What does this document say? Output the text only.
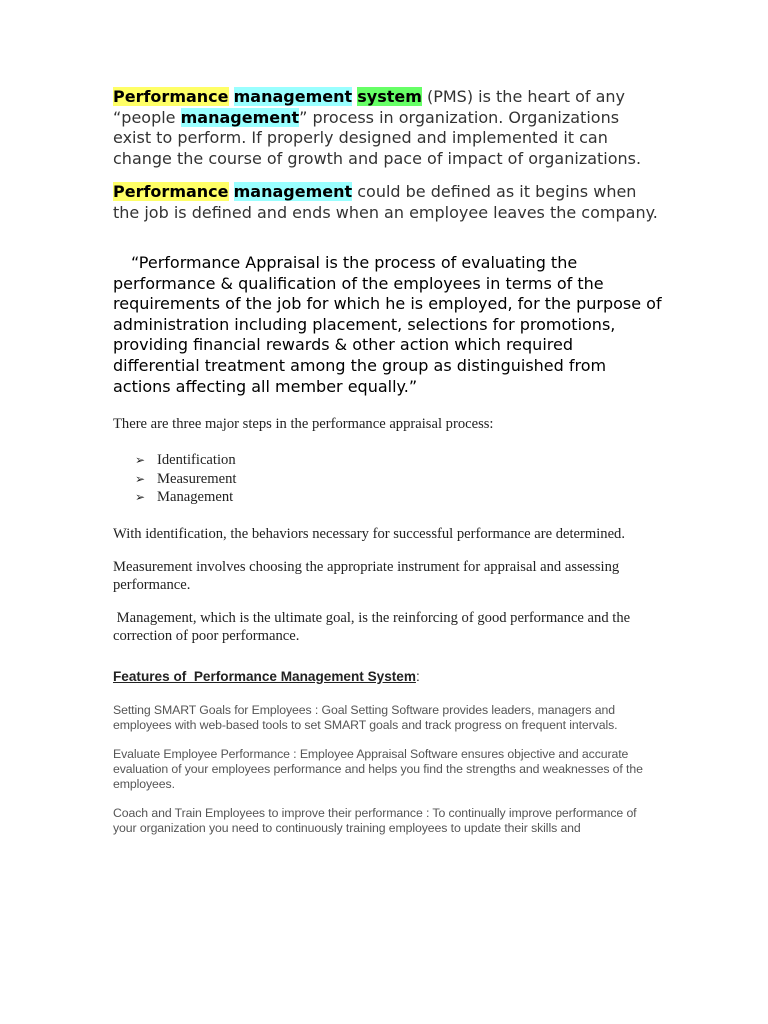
Performance management system (PMS) is the heart of any “people management” process in organization. Organizations exist to perform. If properly designed and implemented it can change the course of growth and pace of impact of organizations.

Performance management could be defined as it begins when the job is defined and ends when an employee leaves the company.

“Performance Appraisal is the process of evaluating the performance & qualification of the employees in terms of the requirements of the job for which he is employed, for the purpose of administration including placement, selections for promotions, providing financial rewards & other action which required differential treatment among the group as distinguished from actions affecting all member equally.”

There are three major steps in the performance appraisal process:

➢ Identification
➢ Measurement
➢ Management

With identification, the behaviors necessary for successful performance are determined.

Measurement involves choosing the appropriate instrument for appraisal and assessing performance.

Management, which is the ultimate goal, is the reinforcing of good performance and the correction of poor performance.

Features of  Performance Management System:

Setting SMART Goals for Employees : Goal Setting Software provides leaders, managers and employees with web-based tools to set SMART goals and track progress on frequent intervals.

Evaluate Employee Performance : Employee Appraisal Software ensures objective and accurate evaluation of your employees performance and helps you find the strengths and weaknesses of the employees.

Coach and Train Employees to improve their performance : To continually improve performance of your organization you need to continuously training employees to update their skills and
